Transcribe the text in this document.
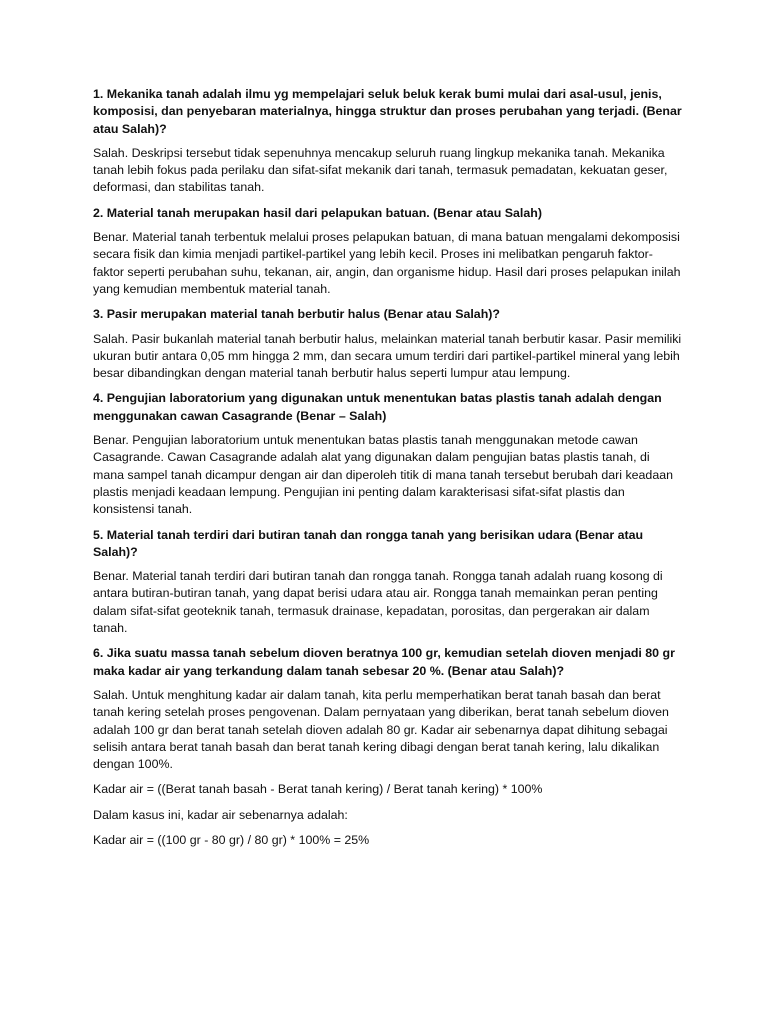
1. Mekanika tanah adalah ilmu yg mempelajari seluk beluk kerak bumi mulai dari asal-usul, jenis, komposisi, dan penyebaran materialnya, hingga struktur dan proses perubahan yang terjadi. (Benar atau Salah)?

Salah. Deskripsi tersebut tidak sepenuhnya mencakup seluruh ruang lingkup mekanika tanah. Mekanika tanah lebih fokus pada perilaku dan sifat-sifat mekanik dari tanah, termasuk pemadatan, kekuatan geser, deformasi, dan stabilitas tanah.

2. Material tanah merupakan hasil dari pelapukan batuan. (Benar atau Salah)

Benar. Material tanah terbentuk melalui proses pelapukan batuan, di mana batuan mengalami dekomposisi secara fisik dan kimia menjadi partikel-partikel yang lebih kecil. Proses ini melibatkan pengaruh faktor-faktor seperti perubahan suhu, tekanan, air, angin, dan organisme hidup. Hasil dari proses pelapukan inilah yang kemudian membentuk material tanah.

3. Pasir merupakan material tanah berbutir halus (Benar atau Salah)?

Salah. Pasir bukanlah material tanah berbutir halus, melainkan material tanah berbutir kasar. Pasir memiliki ukuran butir antara 0,05 mm hingga 2 mm, dan secara umum terdiri dari partikel-partikel mineral yang lebih besar dibandingkan dengan material tanah berbutir halus seperti lumpur atau lempung.

4. Pengujian laboratorium yang digunakan untuk menentukan batas plastis tanah adalah dengan menggunakan cawan Casagrande (Benar – Salah)

Benar. Pengujian laboratorium untuk menentukan batas plastis tanah menggunakan metode cawan Casagrande. Cawan Casagrande adalah alat yang digunakan dalam pengujian batas plastis tanah, di mana sampel tanah dicampur dengan air dan diperoleh titik di mana tanah tersebut berubah dari keadaan plastis menjadi keadaan lempung. Pengujian ini penting dalam karakterisasi sifat-sifat plastis dan konsistensi tanah.

5. Material tanah terdiri dari butiran tanah dan rongga tanah yang berisikan udara (Benar atau Salah)?

Benar. Material tanah terdiri dari butiran tanah dan rongga tanah. Rongga tanah adalah ruang kosong di antara butiran-butiran tanah, yang dapat berisi udara atau air. Rongga tanah memainkan peran penting dalam sifat-sifat geoteknik tanah, termasuk drainase, kepadatan, porositas, dan pergerakan air dalam tanah.

6. Jika suatu massa tanah sebelum dioven beratnya 100 gr, kemudian setelah dioven menjadi 80 gr maka kadar air yang terkandung dalam tanah sebesar 20 %. (Benar atau Salah)?

Salah. Untuk menghitung kadar air dalam tanah, kita perlu memperhatikan berat tanah basah dan berat tanah kering setelah proses pengovenan. Dalam pernyataan yang diberikan, berat tanah sebelum dioven adalah 100 gr dan berat tanah setelah dioven adalah 80 gr. Kadar air sebenarnya dapat dihitung sebagai selisih antara berat tanah basah dan berat tanah kering dibagi dengan berat tanah kering, lalu dikalikan dengan 100%.

Kadar air = ((Berat tanah basah - Berat tanah kering) / Berat tanah kering) * 100%

Dalam kasus ini, kadar air sebenarnya adalah:

Kadar air = ((100 gr - 80 gr) / 80 gr) * 100% = 25%
